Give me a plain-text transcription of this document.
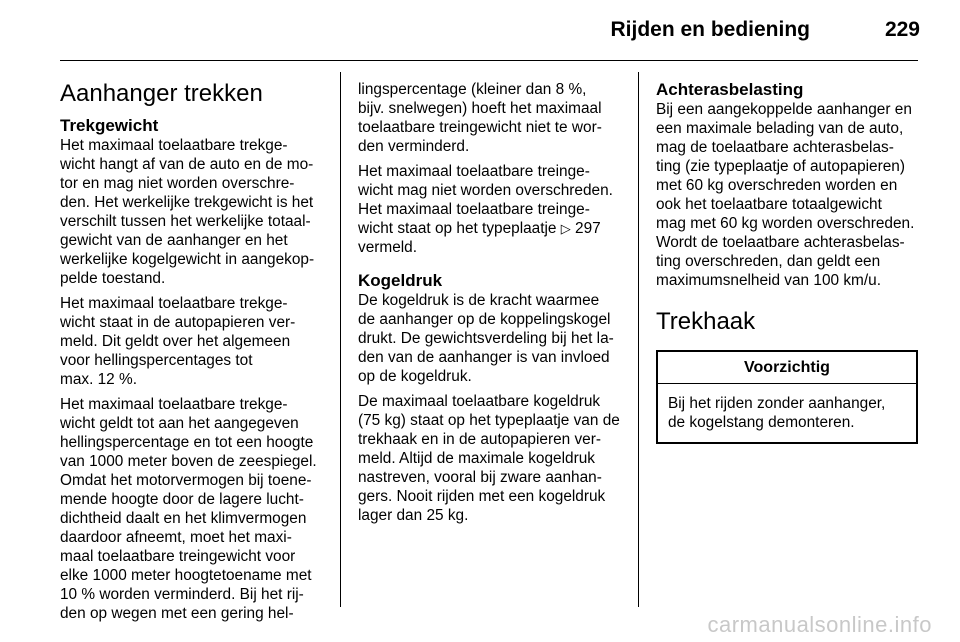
Rijden en bediening	229
Aanhanger trekken
Trekgewicht
Het maximaal toelaatbare trekge-
wicht hangt af van de auto en de mo-
tor en mag niet worden overschre-
den. Het werkelijke trekgewicht is het
verschilt tussen het werkelijke totaal-
gewicht van de aanhanger en het
werkelijke kogelgewicht in aangekop-
pelde toestand.
Het maximaal toelaatbare trekge-
wicht staat in de autopapieren ver-
meld. Dit geldt over het algemeen
voor hellingspercentages tot
max. 12 %.
Het maximaal toelaatbare trekge-
wicht geldt tot aan het aangegeven
hellingspercentage en tot een hoogte
van 1000 meter boven de zeespiegel.
Omdat het motorvermogen bij toene-
mende hoogte door de lagere lucht-
dichtheid daalt en het klimvermogen
daardoor afneemt, moet het maxi-
maal toelaatbare treingewicht voor
elke 1000 meter hoogtetoename met
10 % worden verminderd. Bij het rij-
den op wegen met een gering hel-
lingspercentage (kleiner dan 8 %,
bijv. snelwegen) hoeft het maximaal
toelaatbare treingewicht niet te wor-
den verminderd.
Het maximaal toelaatbare treinge-
wicht mag niet worden overschreden.
Het maximaal toelaatbare treinge-
wicht staat op het typeplaatje ▷ 297
vermeld.
Kogeldruk
De kogeldruk is de kracht waarmee
de aanhanger op de koppelingskogel
drukt. De gewichtsverdeling bij het la-
den van de aanhanger is van invloed
op de kogeldruk.
De maximaal toelaatbare kogeldruk
(75 kg) staat op het typeplaatje van de
trekhaak en in de autopapieren ver-
meld. Altijd de maximale kogeldruk
nastreven, vooral bij zware aanhan-
gers. Nooit rijden met een kogeldruk
lager dan 25 kg.
Achterasbelasting
Bij een aangekoppelde aanhanger en
een maximale belading van de auto,
mag de toelaatbare achterasbelas-
ting (zie typeplaatje of autopapieren)
met 60 kg overschreden worden en
ook het toelaatbare totaalgewicht
mag met 60 kg worden overschreden.
Wordt de toelaatbare achterasbelas-
ting overschreden, dan geldt een
maximumsnelheid van 100 km/u.
Trekhaak
Voorzichtig
Bij het rijden zonder aanhanger,
de kogelstang demonteren.
carmanualsonline.info
